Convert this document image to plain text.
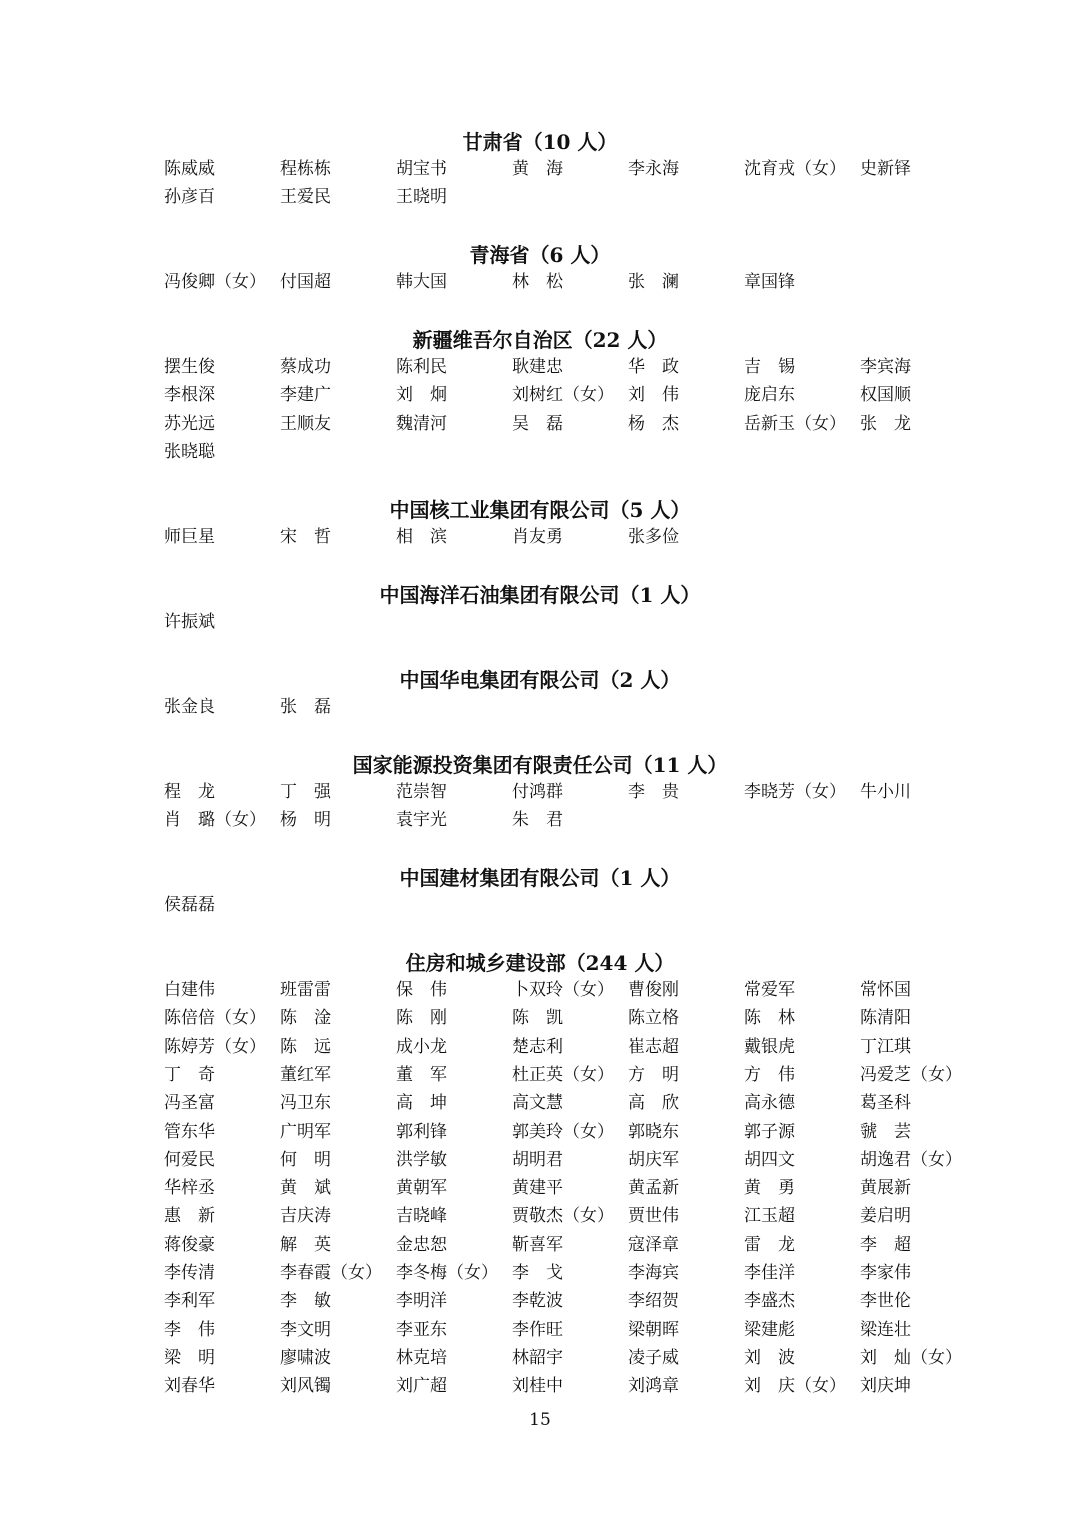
甘肃省（10 人）
陈威威	程栋栋	胡宝书	黄　海	李永海	沈育戎（女） 史新铎
孙彦百	王爱民	王晓明
青海省（6 人）
冯俊卿（女） 付国超	韩大国	林　松	张　澜	章国锋
新疆维吾尔自治区（22 人）
摆生俊	蔡成功	陈利民	耿建忠	华　政	吉　锡	李宾海
李根深	李建广	刘　炯	刘树红（女） 刘　伟	庞启东	权国顺
苏光远	王顺友	魏清河	吴　磊	杨　杰	岳新玉（女） 张　龙
张晓聪
中国核工业集团有限公司（5 人）
师巨星	宋　哲	相　滨	肖友勇	张多俭
中国海洋石油集团有限公司（1 人）
许振斌
中国华电集团有限公司（2 人）
张金良	张　磊
国家能源投资集团有限责任公司（11 人）
程　龙	丁　强	范崇智	付鸿群	李　贵	李晓芳（女） 牛小川
肖　璐（女） 杨　明	袁宇光	朱　君
中国建材集团有限公司（1 人）
侯磊磊
住房和城乡建设部（244 人）
白建伟	班雷雷	保　伟	卜双玲（女） 曹俊刚	常爱军	常怀国
陈倍倍（女） 陈　淦	陈　刚	陈　凯	陈立格	陈　林	陈清阳
陈婷芳（女） 陈　远	成小龙	楚志利	崔志超	戴银虎	丁江琪
丁　奇	董红军	董　军	杜正英（女） 方　明	方　伟	冯爱芝（女）
冯圣富	冯卫东	高　坤	高文慧	高　欣	高永德	葛圣科
管东华	广明军	郭利锋	郭美玲（女） 郭晓东	郭子源	虢　芸
何爱民	何　明	洪学敏	胡明君	胡庆军	胡四文	胡逸君（女）
华梓丞	黄　斌	黄朝军	黄建平	黄孟新	黄　勇	黄展新
惠　新	吉庆涛	吉晓峰	贾敬杰（女） 贾世伟	江玉超	姜启明
蒋俊豪	解　英	金忠恕	靳喜军	寇泽章	雷　龙	李　超
李传清	李春霞（女） 李冬梅（女） 李　戈	李海宾	李佳洋	李家伟
李利军	李　敏	李明洋	李乾波	李绍贺	李盛杰	李世伦
李　伟	李文明	李亚东	李作旺	梁朝晖	梁建彪	梁连壮
梁　明	廖啸波	林克培	林韶宇	凌子威	刘　波	刘　灿（女）
刘春华	刘风镯	刘广超	刘桂中	刘鸿章	刘　庆（女） 刘庆坤
15
